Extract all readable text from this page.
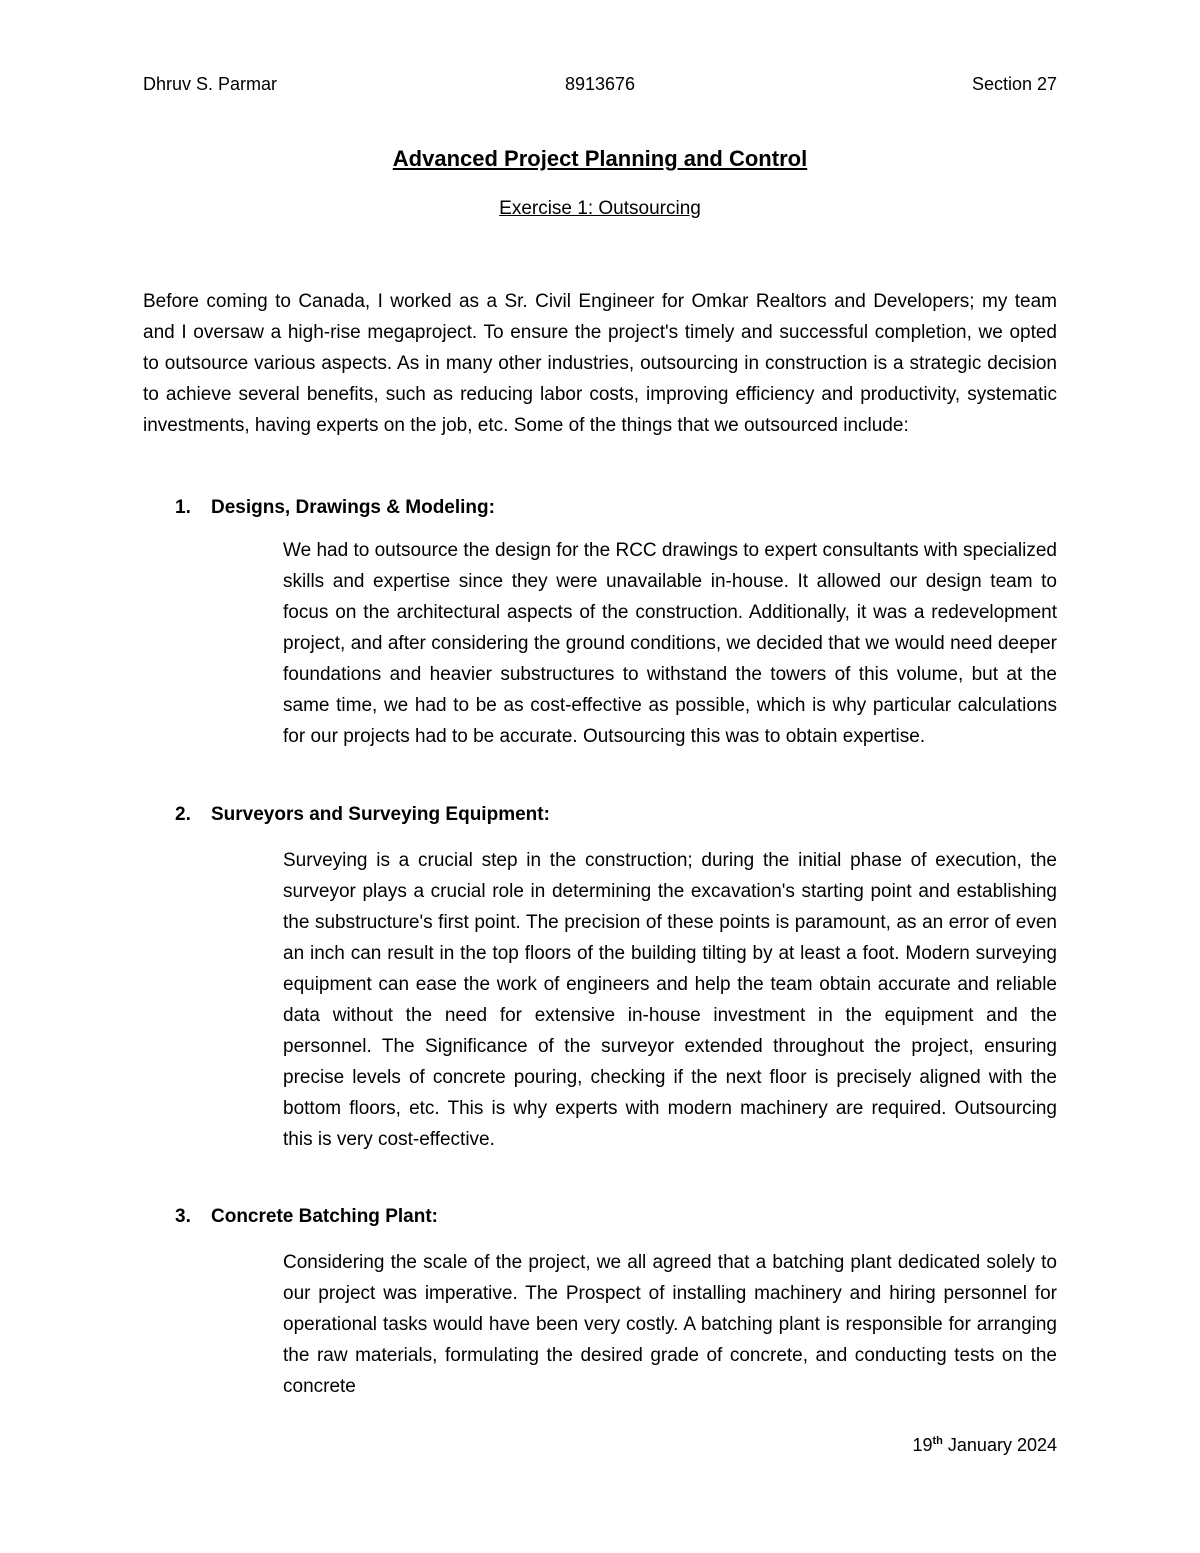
8913676
Dhruv S. Parmar	Section 27
Advanced Project Planning and Control
Exercise 1: Outsourcing

Before coming to Canada, I worked as a Sr. Civil Engineer for Omkar Realtors and Developers; my team and I oversaw a high-rise megaproject. To ensure the project's timely and successful completion, we opted to outsource various aspects. As in many other industries, outsourcing in construction is a strategic decision to achieve several benefits, such as reducing labor costs, improving efficiency and productivity, systematic investments, having experts on the job, etc. Some of the things that we outsourced include:

1. Designs, Drawings & Modeling:

We had to outsource the design for the RCC drawings to expert consultants with specialized skills and expertise since they were unavailable in-house. It allowed our design team to focus on the architectural aspects of the construction. Additionally, it was a redevelopment project, and after considering the ground conditions, we decided that we would need deeper foundations and heavier substructures to withstand the towers of this volume, but at the same time, we had to be as cost-effective as possible, which is why particular calculations for our projects had to be accurate. Outsourcing this was to obtain expertise.

2. Surveyors and Surveying Equipment:

Surveying is a crucial step in the construction; during the initial phase of execution, the surveyor plays a crucial role in determining the excavation's starting point and establishing the substructure's first point. The precision of these points is paramount, as an error of even an inch can result in the top floors of the building tilting by at least a foot. Modern surveying equipment can ease the work of engineers and help the team obtain accurate and reliable data without the need for extensive in-house investment in the equipment and the personnel. The Significance of the surveyor extended throughout the project, ensuring precise levels of concrete pouring, checking if the next floor is precisely aligned with the bottom floors, etc. This is why experts with modern machinery are required. Outsourcing this is very cost-effective.

3. Concrete Batching Plant:

Considering the scale of the project, we all agreed that a batching plant dedicated solely to our project was imperative. The Prospect of installing machinery and hiring personnel for operational tasks would have been very costly. A batching plant is responsible for arranging the raw materials, formulating the desired grade of concrete, and conducting tests on the concrete

19th January 2024
